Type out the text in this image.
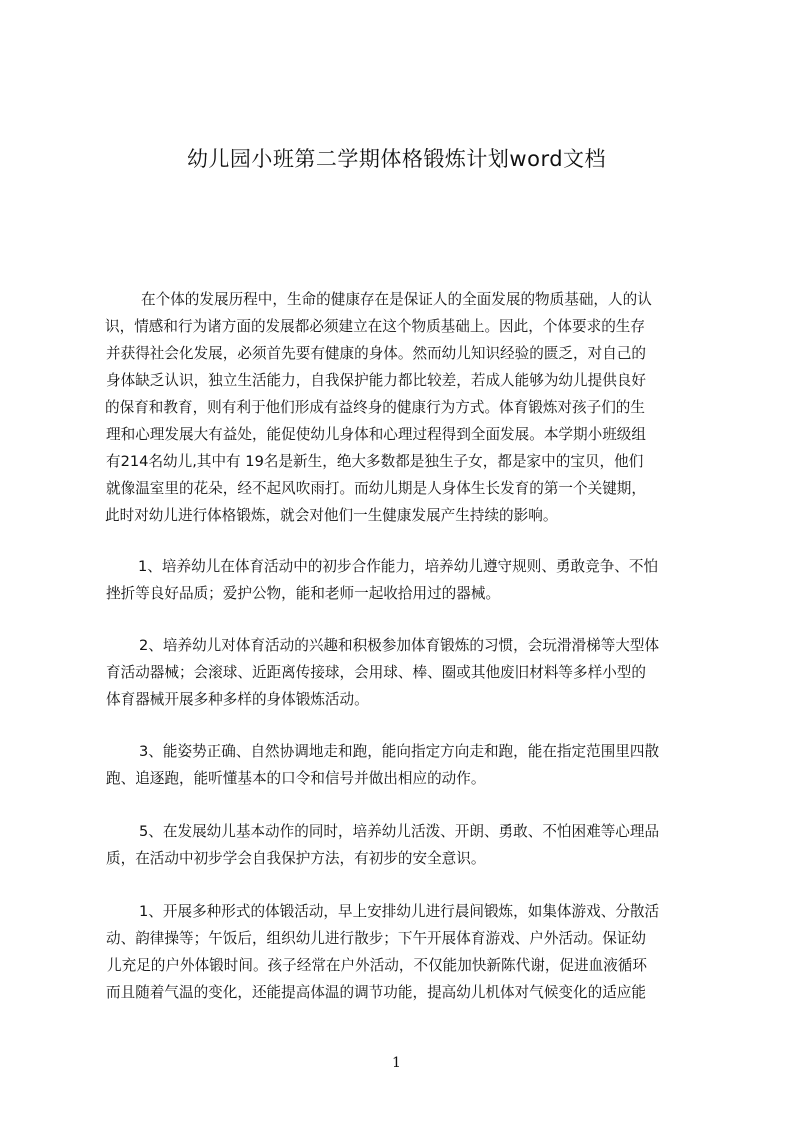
幼儿园小班第二学期体格锻炼计划word文档
在个体的发展历程中，生命的健康存在是保证人的全面发展的物质基础，人的认
识，情感和行为诸方面的发展都必须建立在这个物质基础上。因此，个体要求的生存
并获得社会化发展，必须首先要有健康的身体。然而幼儿知识经验的匮乏，对自己的
身体缺乏认识，独立生活能力，自我保护能力都比较差，若成人能够为幼儿提供良好
的保育和教育，则有利于他们形成有益终身的健康行为方式。体育锻炼对孩子们的生
理和心理发展大有益处，能促使幼儿身体和心理过程得到全面发展。本学期小班级组
有214名幼儿,其中有 19名是新生，绝大多数都是独生子女，都是家中的宝贝，他们
就像温室里的花朵，经不起风吹雨打。而幼儿期是人身体生长发育的第一个关键期，
此时对幼儿进行体格锻炼，就会对他们一生健康发展产生持续的影响。
1、培养幼儿在体育活动中的初步合作能力，培养幼儿遵守规则、勇敢竞争、不怕
挫折等良好品质；爱护公物，能和老师一起收拾用过的器械。
2、培养幼儿对体育活动的兴趣和积极参加体育锻炼的习惯，会玩滑滑梯等大型体
育活动器械；会滚球、近距离传接球，会用球、棒、圈或其他废旧材料等多样小型的
体育器械开展多种多样的身体锻炼活动。
3、能姿势正确、自然协调地走和跑，能向指定方向走和跑，能在指定范围里四散
跑、追逐跑，能听懂基本的口令和信号并做出相应的动作。
5、在发展幼儿基本动作的同时，培养幼儿活泼、开朗、勇敢、不怕困难等心理品
质，在活动中初步学会自我保护方法，有初步的安全意识。
1、开展多种形式的体锻活动，早上安排幼儿进行晨间锻炼，如集体游戏、分散活
动、韵律操等；午饭后，组织幼儿进行散步；下午开展体育游戏、户外活动。保证幼
儿充足的户外体锻时间。孩子经常在户外活动，不仅能加快新陈代谢，促进血液循环
而且随着气温的变化，还能提高体温的调节功能，提高幼儿机体对气候变化的适应能
1
